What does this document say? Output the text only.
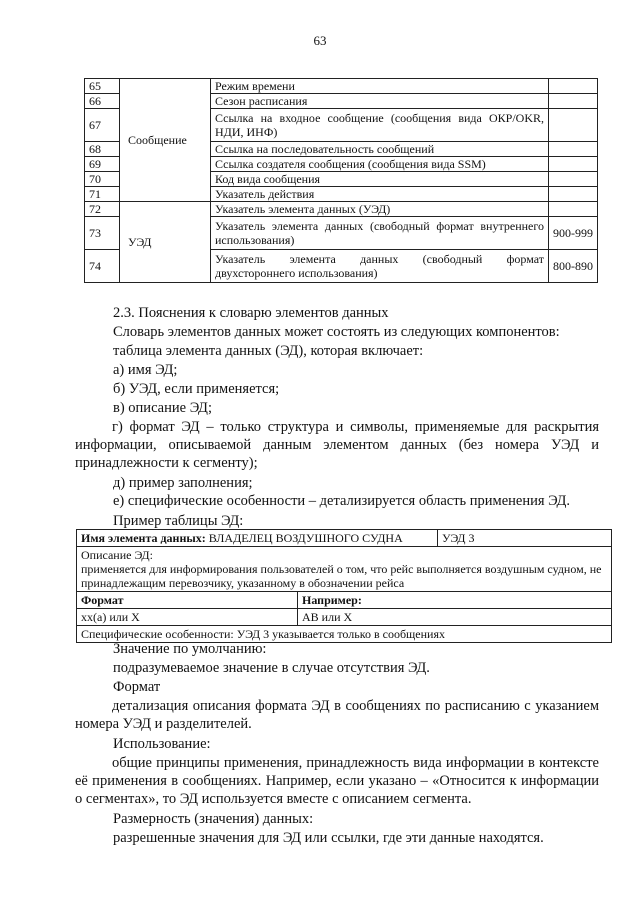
63
65	Сообщение	Режим времени	
66		Сезон расписания	
67		Ссылка на входное сообщение (сообщения вида ОКР/OKR,
НДИ, ИНФ)	

68		Ссылка на последовательность сообщений	
69		Ссылка создателя сообщения (сообщения вида SSM)	
70		Код вида сообщения	
71		Указатель действия	
72	УЭД	Указатель элемента данных (УЭД)	
73		Указатель элемента данных (свободный формат внутреннего
использования)	900-999
74		Указатель элемента данных (свободный формат
двухстороннего использования)	800-890
2.3. Пояснения к словарю элементов данных
Словарь элементов данных может состоять из следующих компонентов:
таблица элемента данных (ЭД), которая включает:
а) имя ЭД;
б) УЭД, если применяется;
в) описание ЭД;
г) формат ЭД – только структура и символы, применяемые для раскрытия информации, описываемой данным элементом данных (без номера УЭД и принадлежности к сегменту);
д) пример заполнения;
е) специфические особенности – детализируется область применения ЭД.
Пример таблицы ЭД:
Имя элемента данных: ВЛАДЕЛЕЦ ВОЗДУШНОГО СУДНА	УЭД 3
Описание ЭД:
применяется для информирования пользователей о том, что рейс выполняется воздушным судном, не принадлежащим перевозчику, указанному в обозначении рейса
Формат	Например:
хх(а) или Х	АВ или Х
Специфические особенности: УЭД 3 указывается только в сообщениях
Значение по умолчанию:
подразумеваемое значение в случае отсутствия ЭД.
Формат
детализация описания формата ЭД в сообщениях по расписанию с указанием номера УЭД и разделителей.
Использование:
общие принципы применения, принадлежность вида информации в контексте её применения в сообщениях. Например, если указано – «Относится к информации о сегментах», то ЭД используется вместе с описанием сегмента.
Размерность (значения) данных:
разрешенные значения для ЭД или ссылки, где эти данные находятся.
